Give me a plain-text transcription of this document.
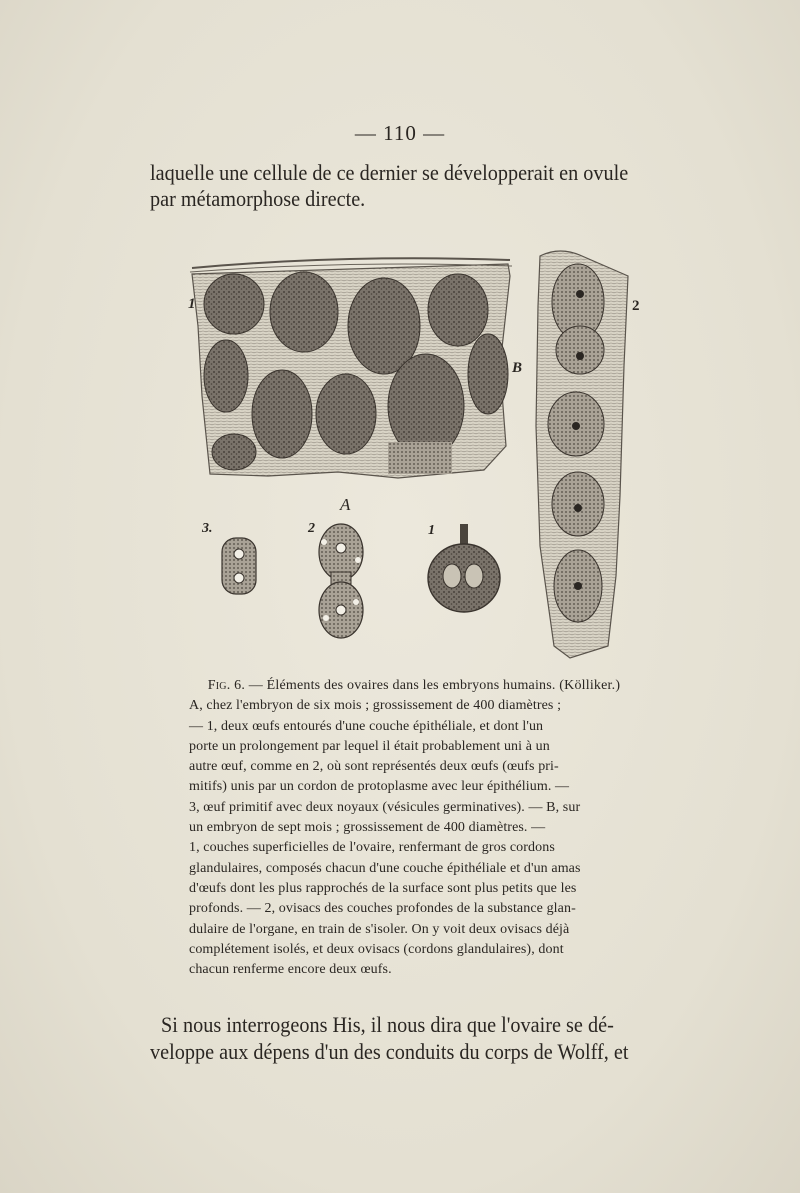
— 110 —
laquelle une cellule de ce dernier se développerait en ovule
par métamorphose directe.
1
B
2
A
3.	2	1

Fig. 6. — Éléments des ovaires dans les embryons humains. (Kölliker.)

A, chez l'embryon de six mois ; grossissement de 400 diamètres ;
— 1, deux œufs entourés d'une couche épithéliale, et dont l'un
porte un prolongement par lequel il était probablement uni à un
autre œuf, comme en 2, où sont représentés deux œufs (œufs pri-
mitifs) unis par un cordon de protoplasme avec leur épithélium. —
3, œuf primitif avec deux noyaux (vésicules germinatives). — B, sur
un embryon de sept mois ; grossissement de 400 diamètres. —
1, couches superficielles de l'ovaire, renfermant de gros cordons
glandulaires, composés chacun d'une couche épithéliale et d'un amas
d'œufs dont les plus rapprochés de la surface sont plus petits que les
profonds. — 2, ovisacs des couches profondes de la substance glan-
dulaire de l'organe, en train de s'isoler. On y voit deux ovisacs déjà
complétement isolés, et deux ovisacs (cordons glandulaires), dont
chacun renferme encore deux œufs.

Si nous interrogeons His, il nous dira que l'ovaire se dé-

veloppe aux dépens d'un des conduits du corps de Wolff, et
